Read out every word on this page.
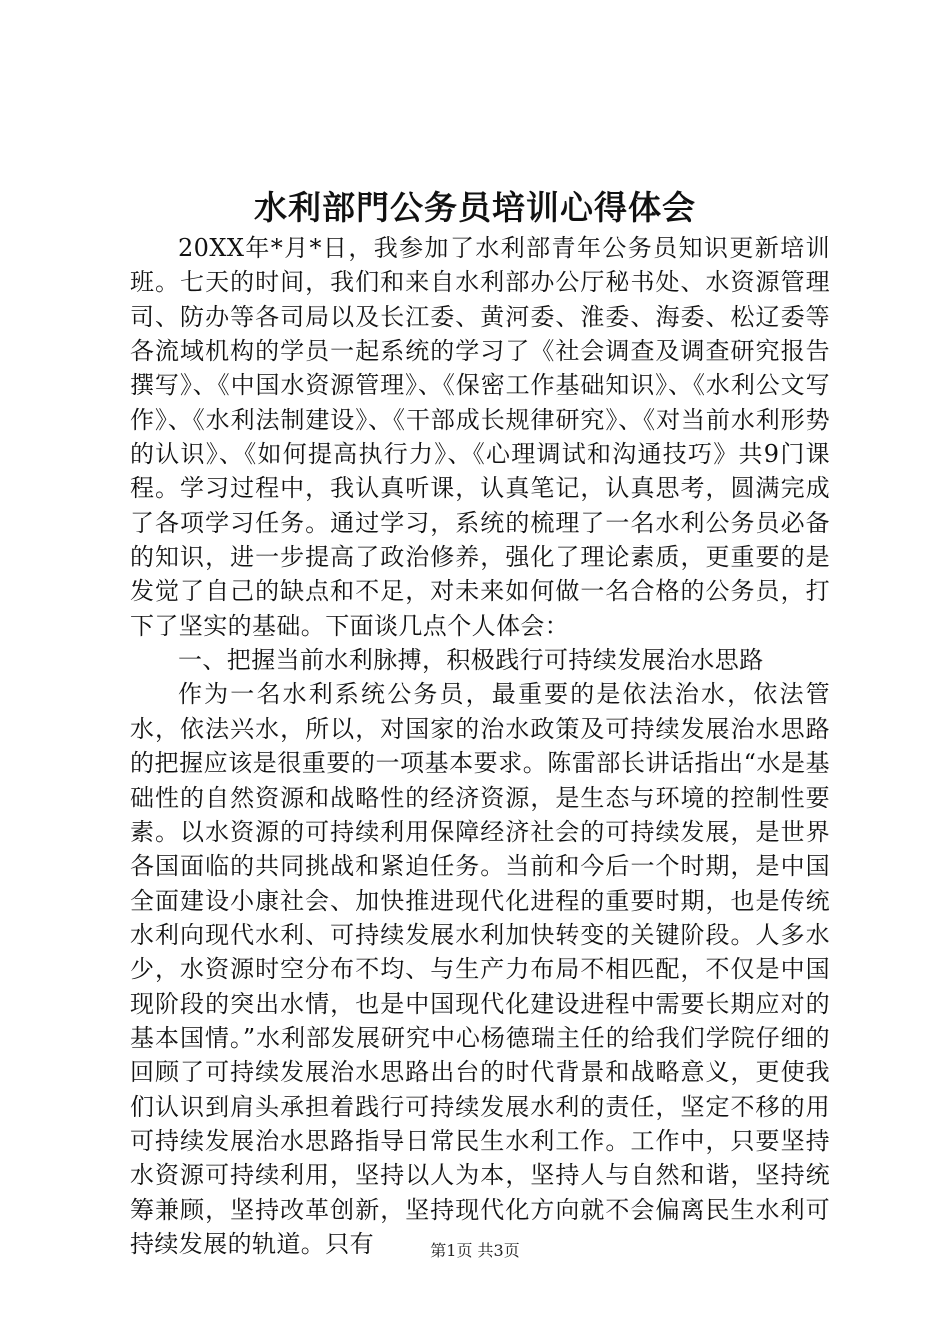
水利部門公务员培训心得体会

20XX年*月*日，我参加了水利部青年公务员知识更新培训班。七天的时间，我们和来自水利部办公厅秘书处、水资源管理司、防办等各司局以及长江委、黄河委、淮委、海委、松辽委等各流域机构的学员一起系统的学习了《社会调查及调查研究报告撰写》、《中国水资源管理》、《保密工作基础知识》、《水利公文写作》、《水利法制建设》、《干部成长规律研究》、《对当前水利形势的认识》、《如何提高执行力》、《心理调试和沟通技巧》共9门课程。学习过程中，我认真听课，认真笔记，认真思考，圆满完成了各项学习任务。通过学习，系统的梳理了一名水利公务员必备的知识，进一步提高了政治修养，强化了理论素质，更重要的是发觉了自己的缺点和不足，对未来如何做一名合格的公务员，打下了坚实的基础。下面谈几点个人体会：

一、把握当前水利脉搏，积极践行可持续发展治水思路

作为一名水利系统公务员，最重要的是依法治水，依法管水，依法兴水，所以，对国家的治水政策及可持续发展治水思路的把握应该是很重要的一项基本要求。陈雷部长讲话指出“水是基础性的自然资源和战略性的经济资源，是生态与环境的控制性要素。以水资源的可持续利用保障经济社会的可持续发展，是世界各国面临的共同挑战和紧迫任务。当前和今后一个时期，是中国全面建设小康社会、加快推进现代化进程的重要时期，也是传统水利向现代水利、可持续发展水利加快转变的关键阶段。人多水少，水资源时空分布不均、与生产力布局不相匹配，不仅是中国现阶段的突出水情，也是中国现代化建设进程中需要长期应对的基本国情。”水利部发展研究中心杨德瑞主任的给我们学院仔细的回顾了可持续发展治水思路出台的时代背景和战略意义，更使我们认识到肩头承担着践行可持续发展水利的责任，坚定不移的用可持续发展治水思路指导日常民生水利工作。工作中，只要坚持水资源可持续利用，坚持以人为本，坚持人与自然和谐，坚持统筹兼顾，坚持改革创新，坚持现代化方向就不会偏离民生水利可持续发展的轨道。只有	第1页 共3页
